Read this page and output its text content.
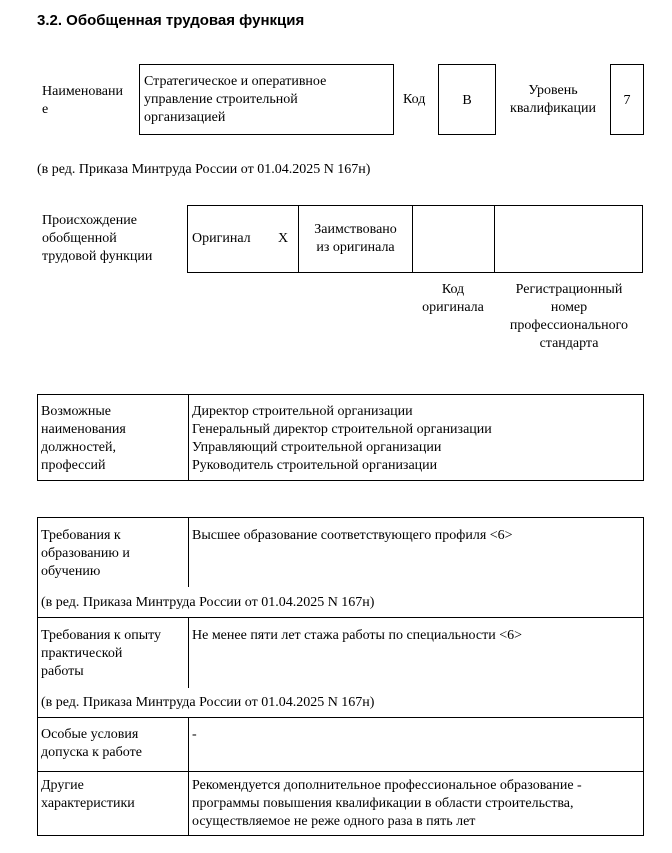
3.2. Обобщенная трудовая функция
Наименовани
е
Стратегическое и оперативное
управление строительной
организацией
Код	B
Уровень
квалификации
7
(в ред. Приказа Минтруда России от 01.04.2025 N 167н)
Происхождение
обобщенной
трудовой функции
Оригинал X
Заимствовано
из оригинала
Код
оригинала
Регистрационный
номер
профессионального
стандарта
Возможные
наименования
должностей,
профессий
Директор строительной организации
Генеральный директор строительной организации
Управляющий строительной организации
Руководитель строительной организации
Требования к
образованию и
обучению
Высшее образование соответствующего профиля <6>
(в ред. Приказа Минтруда России от 01.04.2025 N 167н)
Требования к опыту
практической
работы
Не менее пяти лет стажа работы по специальности <6>
(в ред. Приказа Минтруда России от 01.04.2025 N 167н)
Особые условия
допуска к работе
-
Другие
характеристики
Рекомендуется дополнительное профессиональное образование -
программы повышения квалификации в области строительства,
осуществляемое не реже одного раза в пять лет
